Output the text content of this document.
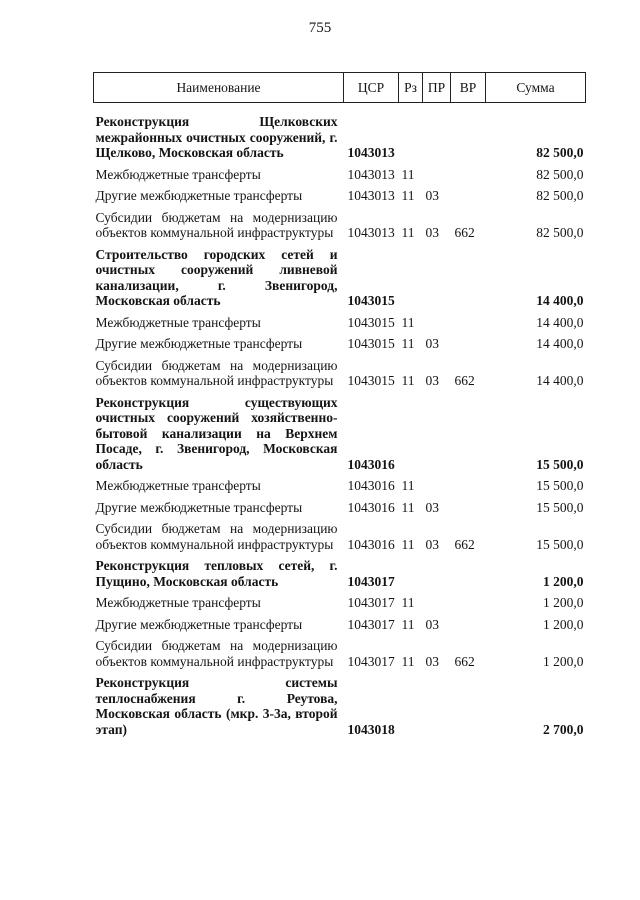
755
Наименование	ЦСР	Рз	ПР	ВР	Сумма

Реконструкция Щелковских межрайонных очистных сооружений, г. Щелково, Московская область	1043013				82 500,0
Межбюджетные трансферты	1043013	11			82 500,0
Другие межбюджетные трансферты	1043013	11	03		82 500,0
Субсидии бюджетам на модернизацию объектов коммунальной инфраструктуры	1043013	11	03	662	82 500,0
Строительство городских сетей и очистных сооружений ливневой канализации, г. Звенигород, Московская область	1043015				14 400,0
Межбюджетные трансферты	1043015	11			14 400,0
Другие межбюджетные трансферты	1043015	11	03		14 400,0
Субсидии бюджетам на модернизацию объектов коммунальной инфраструктуры	1043015	11	03	662	14 400,0
Реконструкция существующих очистных сооружений хозяйственно-бытовой канализации на Верхнем Посаде, г. Звенигород, Московская область	1043016				15 500,0
Межбюджетные трансферты	1043016	11			15 500,0
Другие межбюджетные трансферты	1043016	11	03		15 500,0
Субсидии бюджетам на модернизацию объектов коммунальной инфраструктуры	1043016	11	03	662	15 500,0
Реконструкция тепловых сетей, г. Пущино, Московская область	1043017				1 200,0
Межбюджетные трансферты	1043017	11			1 200,0
Другие межбюджетные трансферты	1043017	11	03		1 200,0
Субсидии бюджетам на модернизацию объектов коммунальной инфраструктуры	1043017	11	03	662	1 200,0
Реконструкция системы теплоснабжения г. Реутова, Московская область (мкр. 3-3а, второй этап)	1043018				2 700,0
